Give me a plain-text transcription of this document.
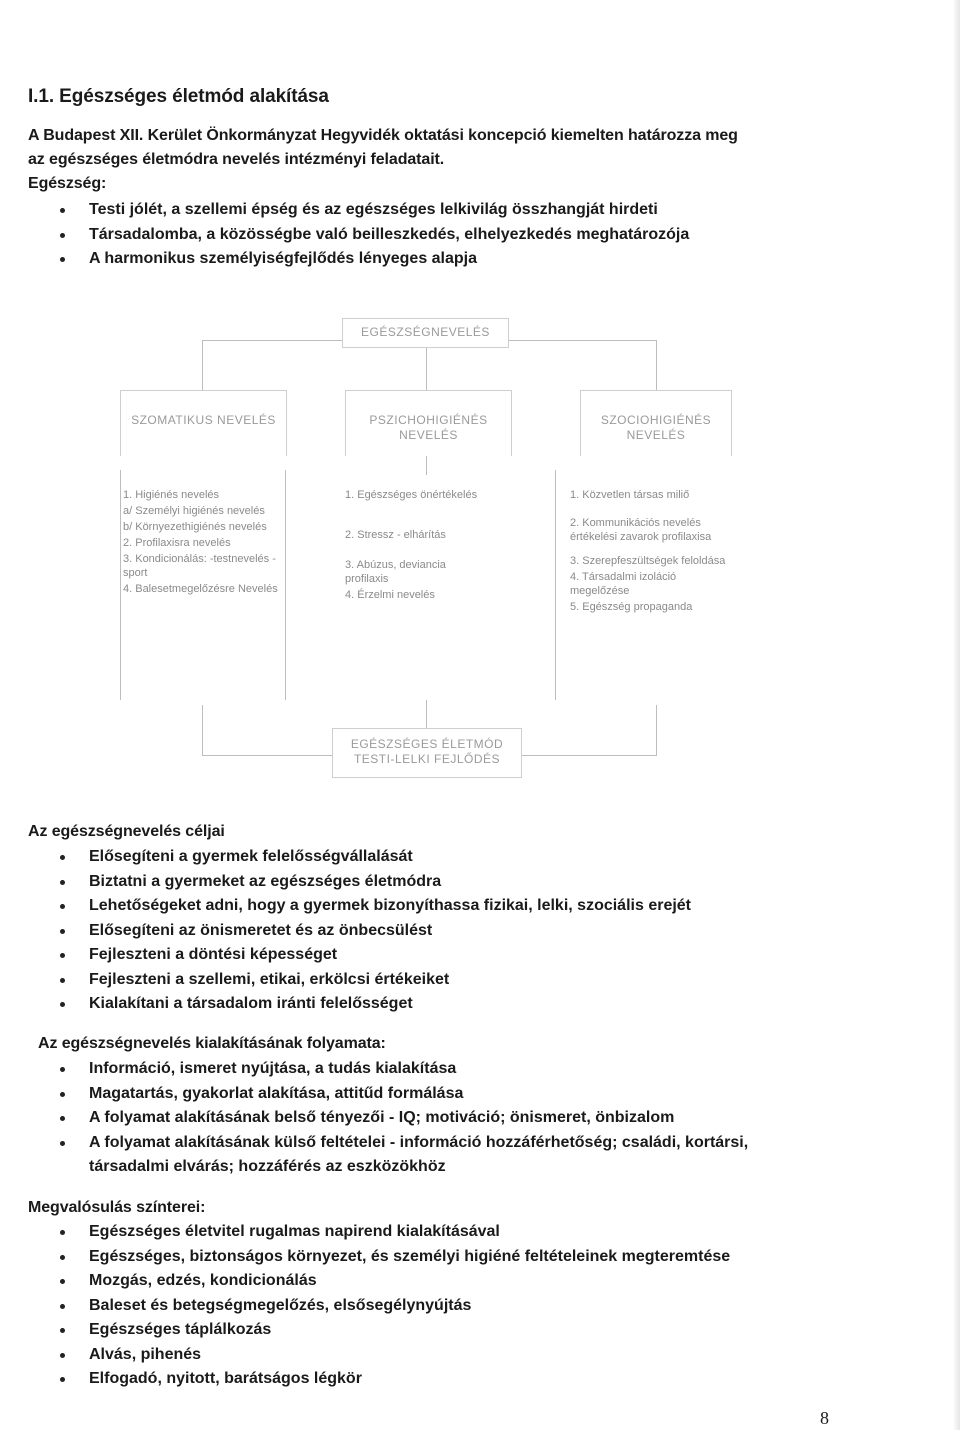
I.1. Egészséges életmód alakítása
A Budapest XII. Kerület Önkormányzat Hegyvidék oktatási koncepció kiemelten határozza meg
az egészséges életmódra nevelés intézményi feladatait.
Egészség:
Testi jólét, a szellemi épség és az egészséges lelkivilág összhangját hirdeti
Társadalomba, a közösségbe való beilleszkedés, elhelyezkedés meghatározója
A harmonikus személyiségfejlődés lényeges alapja
EGÉSZSÉGNEVELÉS
SZOMATIKUS NEVELÉS	PSZICHOHIGIÉNÉS NEVELÉS
SZOCIOHIGIÉNÉS NEVELÉS
1. Higiénés nevelés
a/ Személyi higiénés nevelés
b/ Környezethigiénés nevelés
2. Profilaxisra nevelés
3. Kondicionálás: -testnevelés -sport
4. Balesetmegelőzésre Nevelés
1. Egészséges önértékelés
2. Stressz - elhárítás
3. Abúzus, deviancia profilaxis
4. Érzelmi nevelés
1. Közvetlen társas miliő
2. Kommunikációs nevelés értékelési zavarok profilaxisa
3. Szerepfeszültségek feloldása
4. Társadalmi izoláció megelőzése
5. Egészség propaganda
EGÉSZSÉGES ÉLETMÓD TESTI-LELKI FEJLŐDÉS
Az egészségnevelés céljai
Elősegíteni a gyermek felelősségvállalását
Biztatni a gyermeket az egészséges életmódra
Lehetőségeket adni, hogy a gyermek bizonyíthassa fizikai, lelki, szociális erejét
Elősegíteni az önismeretet és az önbecsülést
Fejleszteni a döntési képességet
Fejleszteni a szellemi, etikai, erkölcsi értékeiket
Kialakítani a társadalom iránti felelősséget
Az egészségnevelés kialakításának folyamata:
Információ, ismeret nyújtása, a tudás kialakítása
Magatartás, gyakorlat alakítása, attitűd formálása
A folyamat alakításának belső tényezői - IQ; motiváció; önismeret, önbizalom
A folyamat alakításának külső feltételei - információ hozzáférhetőség; családi, kortársi, társadalmi elvárás; hozzáférés az eszközökhöz
Megvalósulás színterei:
Egészséges életvitel rugalmas napirend kialakításával
Egészséges, biztonságos környezet, és személyi higiéné feltételeinek megteremtése
Mozgás, edzés, kondicionálás
Baleset és betegségmegelőzés, elsősegélynyújtás
Egészséges táplálkozás
Alvás, pihenés
Elfogadó, nyitott, barátságos légkör
8
